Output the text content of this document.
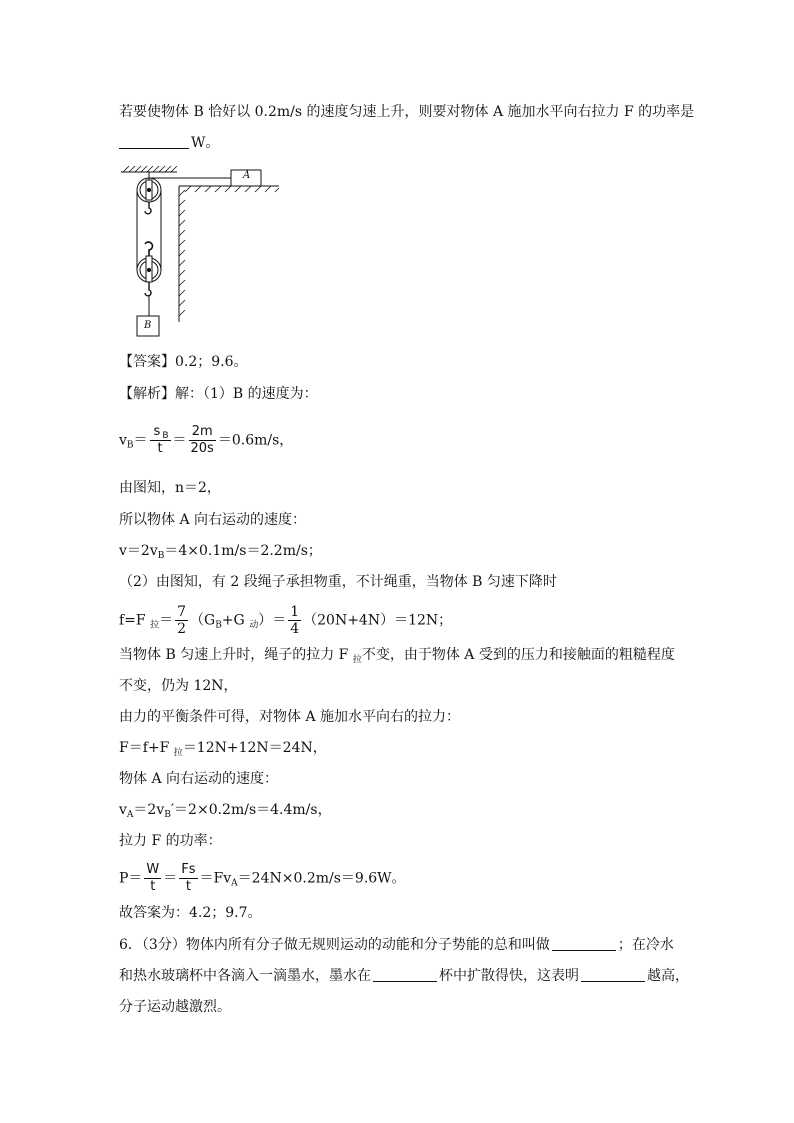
若要使物体 B 恰好以 0.2m/s 的速度匀速上升，则要对物体 A 施加水平向右拉力 F 的功率是
W。
A
B
【答案】0.2；9.6。
【解析】解：（1）B 的速度为：
$v_B= \frac{s _B}{t} = \frac{2m}{20s} =0.6m/s$，
由图知，n＝2，
所以物体 A 向右运动的速度：
$v=2v_B=4\times 0.1m/s=2.2m/s$；
（2）由图知，有 2 段绳子承担物重，不计绳重，当物体 B 匀速下降时
f=F $_拉= \frac{7}{2} (G_B+G$ $_动)= \frac{1}{4} (20N+4N)=12N$；
当物体 B 匀速上升时，绳子的拉力 F $_拉$不变，由于物体 A 受到的压力和接触面的粗糙程度
不变，仍为 12N，
由力的平衡条件可得，对物体 A 施加水平向右的拉力：
F＝f+F $_拉$＝12N+12N＝24N，
物体 A 向右运动的速度：
$v_A=2v_B'=2\times 0.2m/s=4.4m/s$，
拉力 F 的功率：
$P= \frac{W}{t} = \frac{Fs}{t} =Fv_A=24N\times 0.2m/s=9.6W$。
故答案为：4.2；9.7。
6．（3分）物体内所有分子做无规则运动的动能和分子势能的总和叫做	；在冷水
和热水玻璃杯中各滴入一滴墨水，墨水在	杯中扩散得快，这表明	越高，
分子运动越激烈。
